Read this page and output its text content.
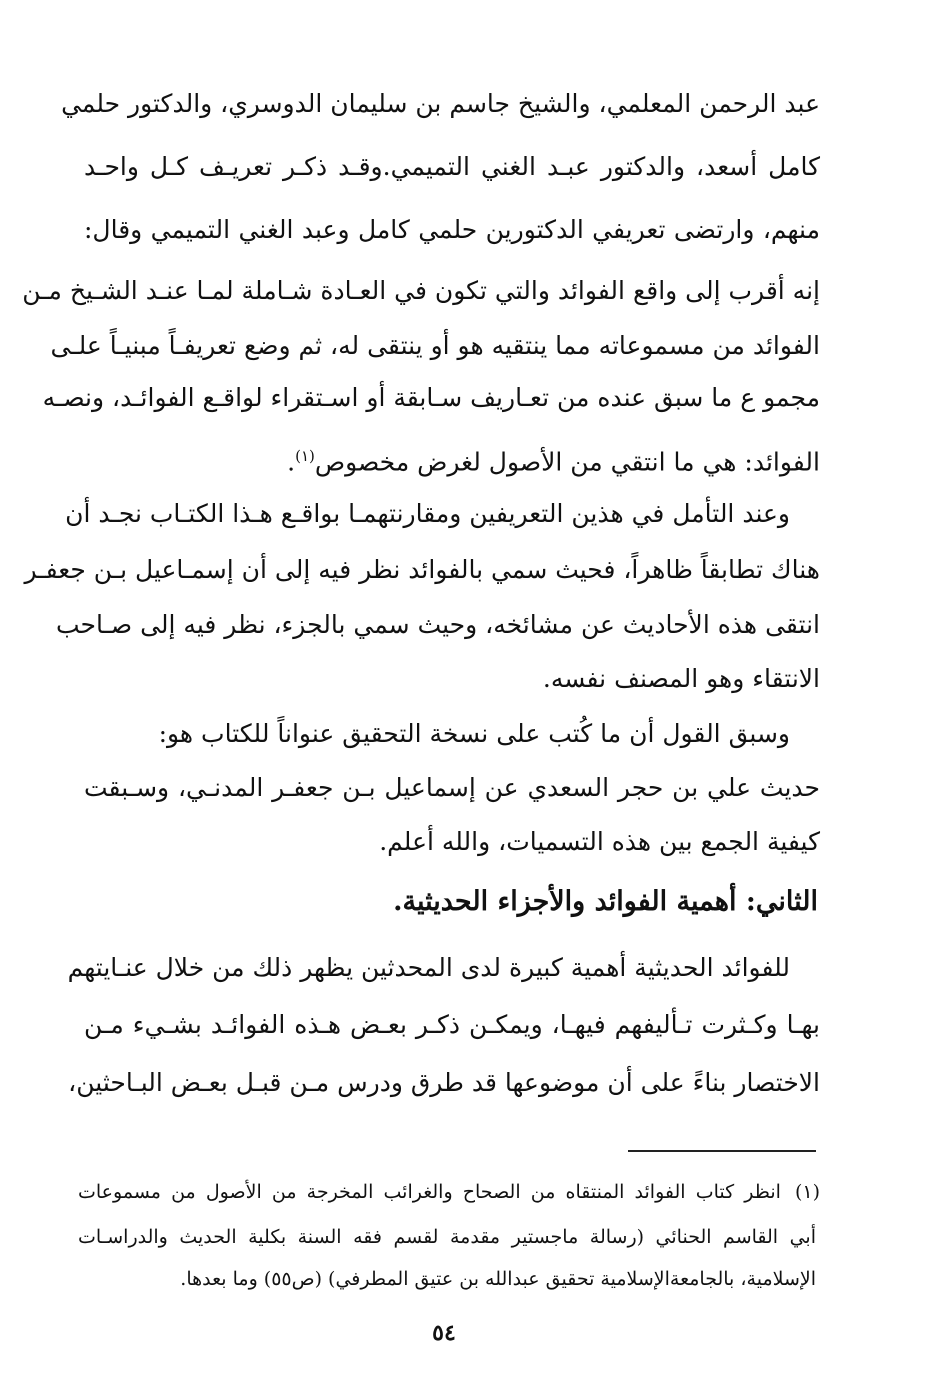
عبد الرحمن المعلمي، والشيخ جاسم بن سليمان الدوسري، والدكتور حلمي
كامل أسعد، والدكتور عبـد الغني التميمي.وقـد ذكـر تعريـف كـل واحـد
منهم، وارتضى تعريفي الدكتورين حلمي كامل وعبد الغني التميمي وقال:
إنه أقرب إلى واقع الفوائد والتي تكون في العـادة شـاملة لمـا عنـد الشـيخ مـن
الفوائد من مسموعاته مما ينتقيه هو أو ينتقى له، ثم وضع تعريفـاً مبنيـاً علـى
مجمو ع ما سبق عنده من تعـاريف سـابقة أو اسـتقراء لواقـع الفوائـد، ونصـه
الفوائد: هي ما انتقي من الأصول لغرض مخصوص$^{(١)}$.
وعند التأمل في هذين التعريفين ومقارنتهمـا بواقـع هـذا الكتـاب نجـد أن
هناك تطابقاً ظاهراً، فحيث سمي بالفوائد نظر فيه إلى أن إسمـاعيل بـن جعفـر
انتقى هذه الأحاديث عن مشائخه، وحيث سمي بالجزء، نظر فيه إلى صـاحب
الانتقاء وهو المصنف نفسه.
وسبق القول أن ما كُتب على نسخة التحقيق عنواناً للكتاب هو:
حديث علي بن حجر السعدي عن إسماعيل بـن جعفـر المدنـي، وسـبقت
كيفية الجمع بين هذه التسميات، والله أعلم.
الثاني: أهمية الفوائد والأجزاء الحديثية.
للفوائد الحديثية أهمية كبيرة لدى المحدثين يظهر ذلك من خلال عنـايتهم
بهـا وكـثرت تـأليفهم فيهـا، ويمكـن ذكـر بعـض هـذه الفوائـد بشـيء مـن
الاختصار بناءً على أن موضوعها قد طرق ودرس مـن قبـل بعـض البـاحثين،
(١)انظر كتاب الفوائد المنتقاه من الصحاح والغرائب المخرجة من الأصول من مسموعات
أبي القاسم الحنائي (رسالة ماجستير مقدمة لقسم فقه السنة بكلية الحديث والدراسـات
الإسلامية، بالجامعةالإسلامية تحقيق عبدالله بن عتيق المطرفي) (ص٥٥) وما بعدها.
٥٤
